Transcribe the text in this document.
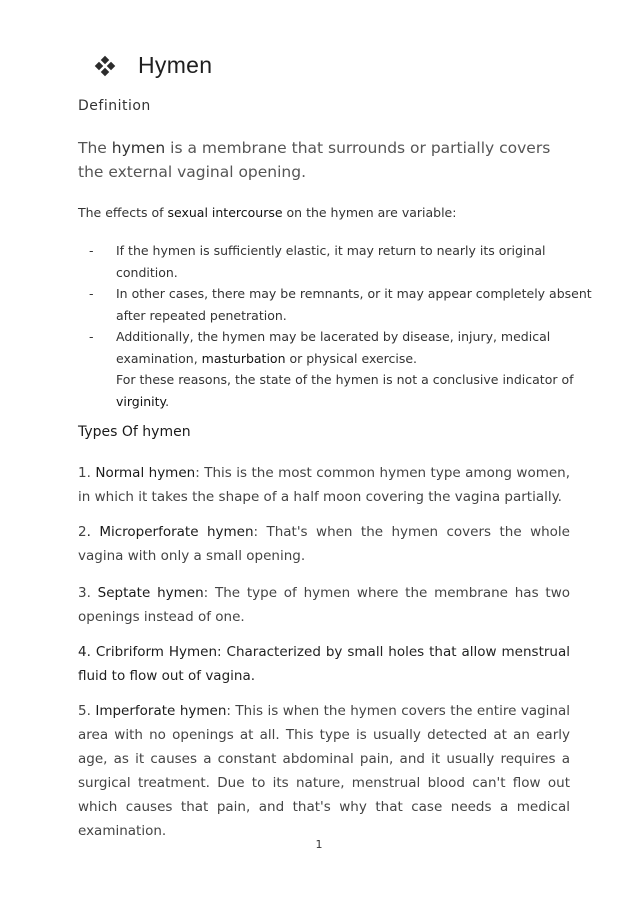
Hymen
Definition
The hymen is a membrane that surrounds or partially covers the external vaginal opening.
The effects of sexual intercourse on the hymen are variable:
- If the hymen is sufficiently elastic, it may return to nearly its original condition.
- In other cases, there may be remnants, or it may appear completely absent after repeated penetration.
- Additionally, the hymen may be lacerated by disease, injury, medical examination, masturbation or physical exercise.
For these reasons, the state of the hymen is not a conclusive indicator of virginity.
Types Of hymen
1. Normal hymen: This is the most common hymen type among women, in which it takes the shape of a half moon covering the vagina partially.
2. Microperforate hymen: That's when the hymen covers the whole vagina with only a small opening.
3. Septate hymen: The type of hymen where the membrane has two openings instead of one.
4. Cribriform Hymen: Characterized by small holes that allow menstrual fluid to flow out of vagina.
5. Imperforate hymen: This is when the hymen covers the entire vaginal area with no openings at all. This type is usually detected at an early age, as it causes a constant abdominal pain, and it usually requires a surgical treatment. Due to its nature, menstrual blood can't flow out which causes that pain, and that's why that case needs a medical examination.
1
